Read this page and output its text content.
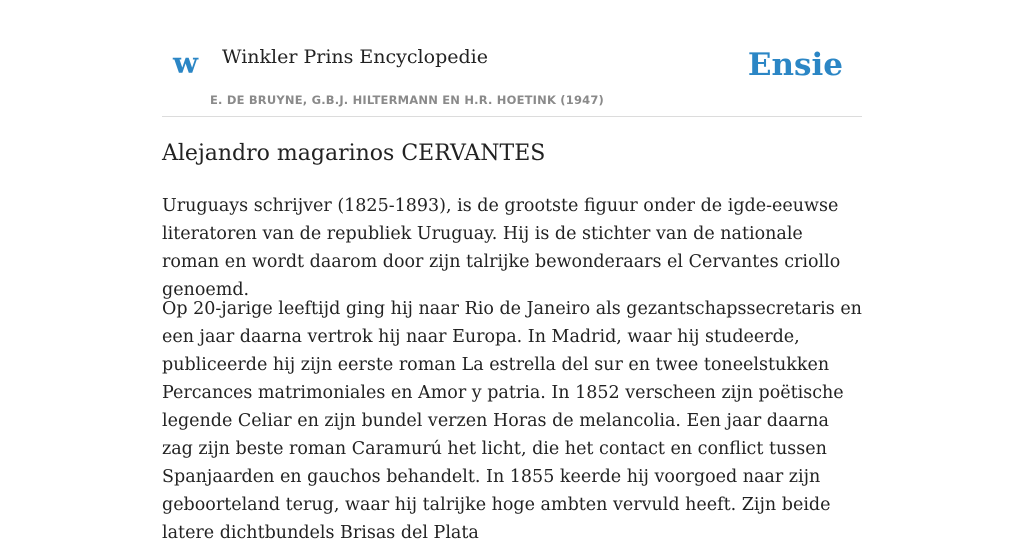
w Winkler Prins Encyclopedie
E. DE BRUYNE, G.B.J. HILTERMANN EN H.R. HOETINK (1947)
Ensie
Alejandro magarinos CERVANTES

Uruguays schrijver (1825-1893), is de grootste figuur onder de igde-eeuwse literatoren van de republiek Uruguay. Hij is de stichter van de nationale roman en wordt daarom door zijn talrijke bewonderaars el Cervantes criollo genoemd.

Op 20-jarige leeftijd ging hij naar Rio de Janeiro als gezantschapssecretaris en een jaar daarna vertrok hij naar Europa. In Madrid, waar hij studeerde, publiceerde hij zijn eerste roman La estrella del sur en twee toneelstukken Percances matrimoniales en Amor y patria. In 1852 verscheen zijn poëtische legende Celiar en zijn bundel verzen Horas de melancolia. Een jaar daarna zag zijn beste roman Caramurú het licht, die het contact en conflict tussen Spanjaarden en gauchos behandelt. In 1855 keerde hij voorgoed naar zijn geboorteland terug, waar hij talrijke hoge ambten vervuld heeft. Zijn beide latere dichtbundels Brisas del Plata
